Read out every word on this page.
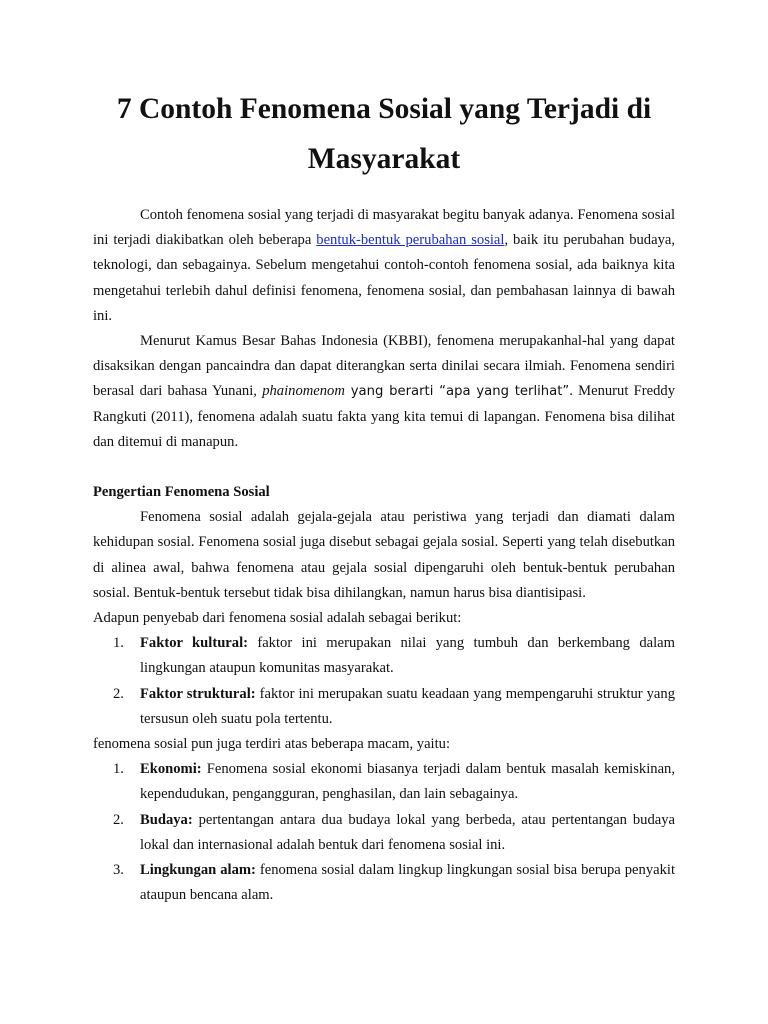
7 Contoh Fenomena Sosial yang Terjadi di Masyarakat

Contoh fenomena sosial yang terjadi di masyarakat begitu banyak adanya. Fenomena sosial ini terjadi diakibatkan oleh beberapa bentuk-bentuk perubahan sosial, baik itu perubahan budaya, teknologi, dan sebagainya. Sebelum mengetahui contoh-contoh fenomena sosial, ada baiknya kita mengetahui terlebih dahul definisi fenomena, fenomena sosial, dan pembahasan lainnya di bawah ini.

Menurut Kamus Besar Bahas Indonesia (KBBI), fenomena merupakanhal-hal yang dapat disaksikan dengan pancaindra dan dapat diterangkan serta dinilai secara ilmiah. Fenomena sendiri berasal dari bahasa Yunani, phainomenom yang berarti “apa yang terlihat”. Menurut Freddy Rangkuti (2011), fenomena adalah suatu fakta yang kita temui di lapangan. Fenomena bisa dilihat dan ditemui di manapun.

Pengertian Fenomena Sosial

Fenomena sosial adalah gejala-gejala atau peristiwa yang terjadi dan diamati dalam kehidupan sosial. Fenomena sosial juga disebut sebagai gejala sosial. Seperti yang telah disebutkan di alinea awal, bahwa fenomena atau gejala sosial dipengaruhi oleh bentuk-bentuk perubahan sosial. Bentuk-bentuk tersebut tidak bisa dihilangkan, namun harus bisa diantisipasi.

Adapun penyebab dari fenomena sosial adalah sebagai berikut:

1. Faktor kultural: faktor ini merupakan nilai yang tumbuh dan berkembang dalam lingkungan ataupun komunitas masyarakat.
2. Faktor struktural: faktor ini merupakan suatu keadaan yang mempengaruhi struktur yang tersusun oleh suatu pola tertentu.

fenomena sosial pun juga terdiri atas beberapa macam, yaitu:

1. Ekonomi: Fenomena sosial ekonomi biasanya terjadi dalam bentuk masalah kemiskinan, kependudukan, pengangguran, penghasilan, dan lain sebagainya.
2. Budaya: pertentangan antara dua budaya lokal yang berbeda, atau pertentangan budaya lokal dan internasional adalah bentuk dari fenomena sosial ini.
3. Lingkungan alam: fenomena sosial dalam lingkup lingkungan sosial bisa berupa penyakit ataupun bencana alam.
